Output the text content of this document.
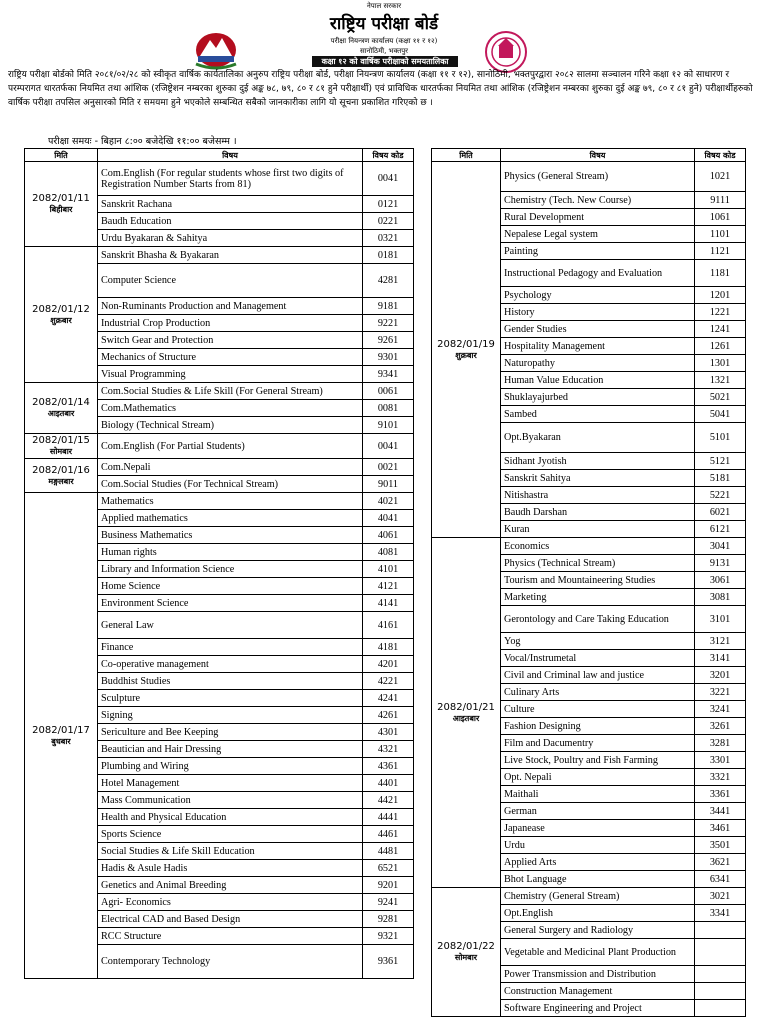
नेपाल सरकार
राष्ट्रिय परीक्षा बोर्ड
परीक्षा नियन्त्रण कार्यालय (कक्षा ११ र १२)
सानोठिमी, भक्तपुर
कक्षा १२ को वार्षिक परीक्षाको समयतालिका

राष्ट्रिय परीक्षा बोर्डको मिति २०८१/०२/२८ को स्वीकृत वार्षिक कार्यतालिका अनुरुप राष्ट्रिय परीक्षा बोर्ड, परीक्षा नियन्त्रण कार्यालय (कक्षा ११ र १२), सानोठिमी, भक्तपुरद्वारा २०८२ सालमा सञ्चालन गरिने कक्षा १२ को साधारण र परम्परागत धारतर्फका नियमित तथा आंशिक (रजिष्ट्रेशन नम्बरका शुरुका दुई अङ्क ७८, ७९, ८० र ८१ हुने परीक्षार्थी) एवं प्राविधिक धारतर्फका नियमित तथा आंशिक (रजिष्ट्रेशन नम्बरका शुरुका दुई अङ्क ७९, ८० र ८१ हुने) परीक्षार्थीहरुको वार्षिक परीक्षा तपसिल अनुसारको मिति र समयमा हुने भएकोले सम्बन्धित सबैको जानकारीका लागि यो सूचना प्रकाशित गरिएको छ ।

परीक्षा समयः - बिहान ८:०० बजेदेखि ११:०० बजेसम्म ।
मिति	विषय	विषय कोड

2082/01/11
बिहीबार	Com.English (For regular students whose first two digits of Registration Number Starts from 81)	0041
	Sanskrit Rachana	0121
	Baudh Education	0221
	Urdu Byakaran & Sahitya	0321

2082/01/12
शुक्रबार	Sanskrit Bhasha & Byakaran	0181
	Computer Science	4281
	Non-Ruminants Production and Management	9181
	Industrial Crop Production	9221
	Switch Gear and Protection	9261
	Mechanics of Structure	9301
	Visual Programming	9341

2082/01/14
आइतबार	Com.Social Studies & Life Skill (For General Stream)	0061
	Com.Mathematics	0081
	Biology (Technical Stream)	9101

2082/01/15
सोमबार	Com.English (For Partial Students)	0041

2082/01/16
मङ्गलबार	Com.Nepali	0021
	Com.Social Studies (For Technical Stream)	9011

2082/01/17
बुधबार	Mathematics	4021
	Applied mathematics	4041
	Business Mathematics	4061
	Human rights	4081
	Library and Information Science	4101
	Home Science	4121
	Environment Science	4141
	General Law	4161
	Finance	4181
	Co-operative management	4201
	Buddhist Studies	4221
	Sculpture	4241
	Signing	4261
	Sericulture and Bee Keeping	4301
	Beautician and Hair Dressing	4321
	Plumbing and Wiring	4361
	Hotel Management	4401
	Mass Communication	4421
	Health and Physical Education	4441
	Sports Science	4461
	Social Studies & Life Skill Education	4481
	Hadis & Asule Hadis	6521
	Genetics and Animal Breeding	9201
	Agri- Economics	9241
	Electrical CAD and Based Design	9281
	RCC Structure	9321
	Contemporary Technology	9361
मिति	विषय	विषय कोड

2082/01/19
शुक्रबार	Physics (General Stream)	1021
	Chemistry (Tech. New Course)	9111
	Rural Development	1061
	Nepalese Legal system	1101
	Painting	1121
	Instructional Pedagogy and Evaluation	1181
	Psychology	1201
	History	1221
	Gender Studies	1241
	Hospitality Management	1261
	Naturopathy	1301
	Human Value Education	1321
	Shuklayajurbed	5021
	Sambed	5041
	Opt.Byakaran	5101
	Sidhant Jyotish	5121
	Sanskrit Sahitya	5181
	Nitishastra	5221
	Baudh Darshan	6021
	Kuran	6121

2082/01/21
आइतबार	Economics	3041
	Physics (Technical Stream)	9131
	Tourism and Mountaineering Studies	3061
	Marketing	3081
	Gerontology and Care Taking Education	3101
	Yog	3121
	Vocal/Instrumetal	3141
	Civil and Criminal law and justice	3201
	Culinary Arts	3221
	Culture	3241
	Fashion Designing	3261
	Film and Dacumentry	3281
	Live Stock, Poultry and Fish Farming	3301
	Opt. Nepali	3321
	Maithali	3361
	German	3441
	Japanease	3461
	Urdu	3501
	Applied Arts	3621
	Bhot Language	6341

2082/01/22
सोमबार	Chemistry (General Stream)	3021
	Opt.English	3341
	General Surgery and Radiology	
	Vegetable and Medicinal Plant Production	
	Power Transmission and Distribution	
	Construction Management	
	Software Engineering and Project	
